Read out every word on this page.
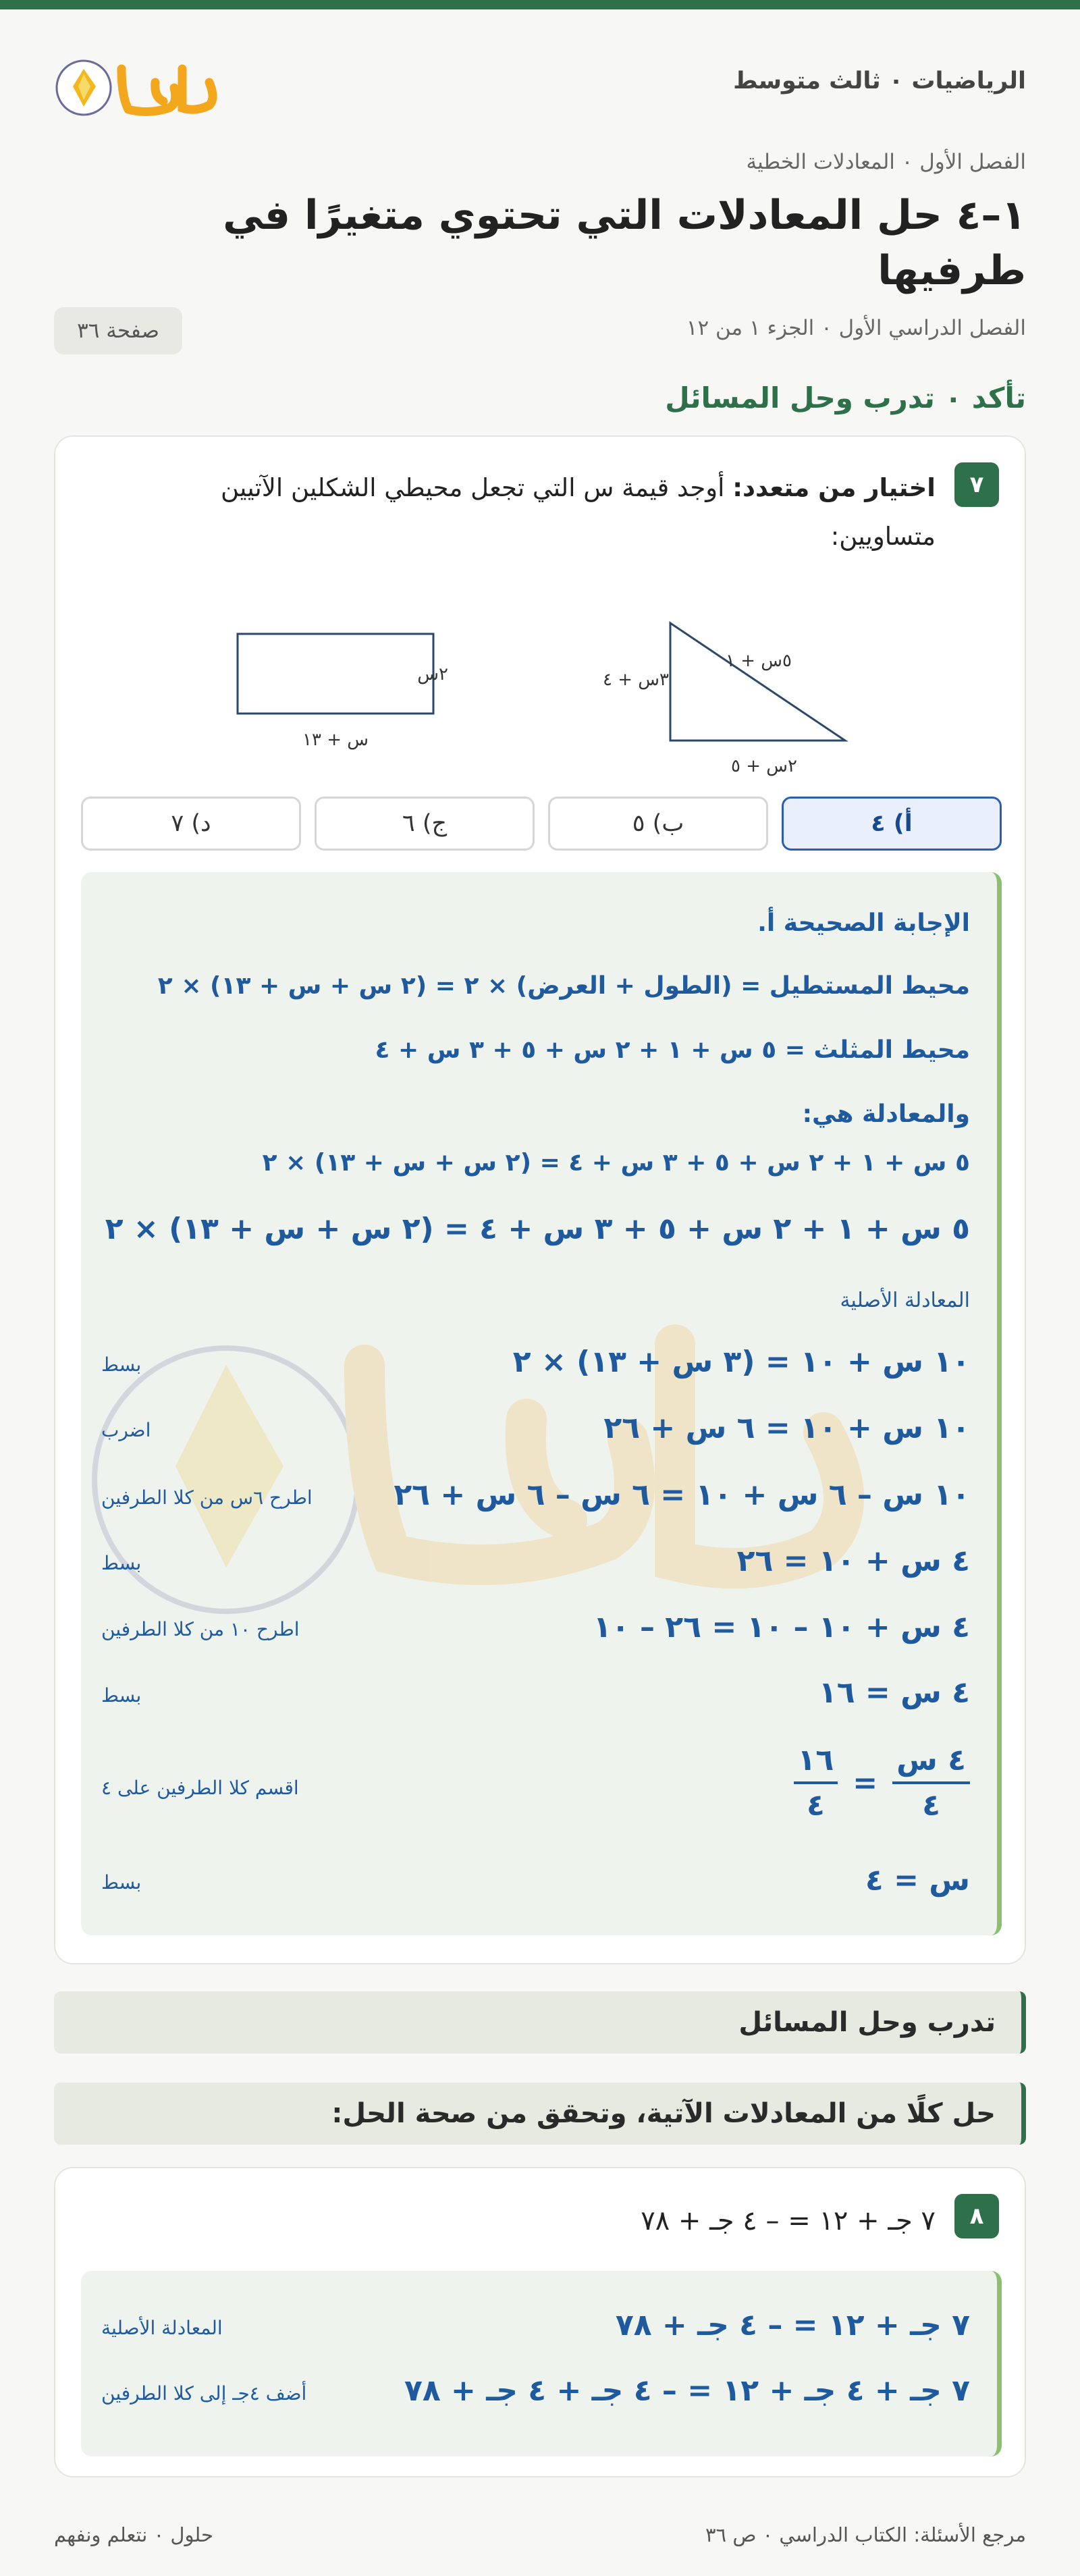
الرياضيات ٠ ثالث متوسط
الفصل الأول ٠ المعادلات الخطية
١–٤ حل المعادلات التي تحتوي متغيرًا في طرفيها
الفصل الدراسي الأول ٠ الجزء ١ من ١٢
صفحة ٣٦
تأكد ٠ تدرب وحل المسائل
٧
اختيار من متعدد: أوجد قيمة س التي تجعل محيطي الشكلين الآتيين متساويين:
٢س
س + ١٣
٥س + ١
٣س + ٤
٢س + ٥
أ) ٤
ب) ٥
ج) ٦
د) ٧
الإجابة الصحيحة أ.
محيط المستطيل = (الطول + العرض) × ٢ = (٢ س + س + ١٣) × ٢
محيط المثلث = ٥ س + ١ + ٢ س + ٥ + ٣ س + ٤
والمعادلة هي:
٥ س + ١ + ٢ س + ٥ + ٣ س + ٤ = (٢ س + س + ١٣) × ٢
٥ س + ١ + ٢ س + ٥ + ٣ س + ٤ = (٢ س + س + ١٣) × ٢
المعادلة الأصلية
١٠ س + ١٠ = (٣ س + ١٣) × ٢
بسط
١٠ س + ١٠ = ٦ س + ٢٦
اضرب
١٠ س – ٦ س + ١٠ = ٦ س – ٦ س + ٢٦
اطرح ٦س من كلا الطرفين
٤ س + ١٠ = ٢٦
بسط
٤ س + ١٠ – ١٠ = ٢٦ – ١٠
اطرح ١٠ من كلا الطرفين
٤ س = ١٦
بسط
٤ س
٤
=
١٦
٤
اقسم كلا الطرفين على ٤
س = ٤
بسط
تدرب وحل المسائل
حل كلًا من المعادلات الآتية، وتحقق من صحة الحل:
٨
٧ جـ + ١٢ = – ٤ جـ + ٧٨
٧ جـ + ١٢ = – ٤ جـ + ٧٨
المعادلة الأصلية
٧ جـ + ٤ جـ + ١٢ = – ٤ جـ + ٤ جـ + ٧٨
أضف ٤جـ إلى كلا الطرفين
مرجع الأسئلة: الكتاب الدراسي ٠ ص ٣٦
حلول ٠ نتعلم ونفهم
